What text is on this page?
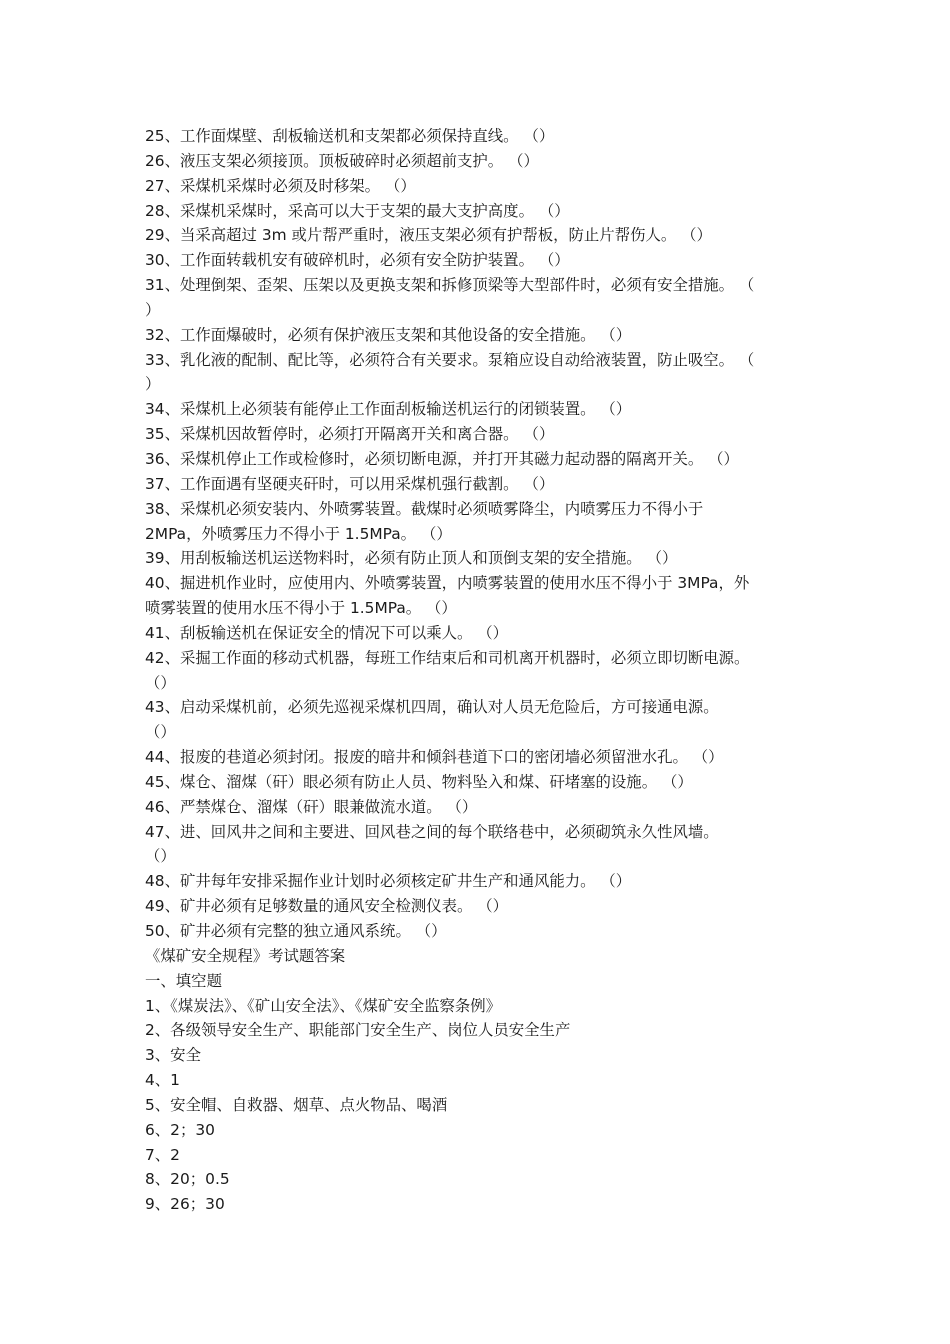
25、工作面煤壁、刮板输送机和支架都必须保持直线。 （）
26、液压支架必须接顶。顶板破碎时必须超前支护。 （）
27、采煤机采煤时必须及时移架。 （）
28、采煤机采煤时，采高可以大于支架的最大支护高度。 （）
29、当采高超过 3m 或片帮严重时，液压支架必须有护帮板，防止片帮伤人。 （）
30、工作面转载机安有破碎机时，必须有安全防护装置。 （）
31、处理倒架、歪架、压架以及更换支架和拆修顶梁等大型部件时，必须有安全措施。 （
）
32、工作面爆破时，必须有保护液压支架和其他设备的安全措施。 （）
33、乳化液的配制、配比等，必须符合有关要求。泵箱应设自动给液装置，防止吸空。 （
）
34、采煤机上必须装有能停止工作面刮板输送机运行的闭锁装置。 （）
35、采煤机因故暂停时，必须打开隔离开关和离合器。 （）
36、采煤机停止工作或检修时，必须切断电源，并打开其磁力起动器的隔离开关。 （）
37、工作面遇有坚硬夹矸时，可以用采煤机强行截割。 （）
38、采煤机必须安装内、外喷雾装置。截煤时必须喷雾降尘，内喷雾压力不得小于
2MPa，外喷雾压力不得小于 1.5MPa。 （）
39、用刮板输送机运送物料时，必须有防止顶人和顶倒支架的安全措施。 （）
40、掘进机作业时，应使用内、外喷雾装置，内喷雾装置的使用水压不得小于 3MPa，外
喷雾装置的使用水压不得小于 1.5MPa。 （）
41、刮板输送机在保证安全的情况下可以乘人。 （）
42、采掘工作面的移动式机器，每班工作结束后和司机离开机器时，必须立即切断电源。
（）
43、启动采煤机前，必须先巡视采煤机四周，确认对人员无危险后，方可接通电源。
（）
44、报废的巷道必须封闭。报废的暗井和倾斜巷道下口的密闭墙必须留泄水孔。 （）
45、煤仓、溜煤（矸）眼必须有防止人员、物料坠入和煤、矸堵塞的设施。 （）
46、严禁煤仓、溜煤（矸）眼兼做流水道。 （）
47、进、回风井之间和主要进、回风巷之间的每个联络巷中，必须砌筑永久性风墙。
（）
48、矿井每年安排采掘作业计划时必须核定矿井生产和通风能力。 （）
49、矿井必须有足够数量的通风安全检测仪表。 （）
50、矿井必须有完整的独立通风系统。 （）
《煤矿安全规程》考试题答案
一、填空题
1、《煤炭法》、《矿山安全法》、《煤矿安全监察条例》
2、各级领导安全生产、职能部门安全生产、岗位人员安全生产
3、安全
4、1
5、安全帽、自救器、烟草、点火物品、喝酒
6、2；30
7、2
8、20；0.5
9、26；30
